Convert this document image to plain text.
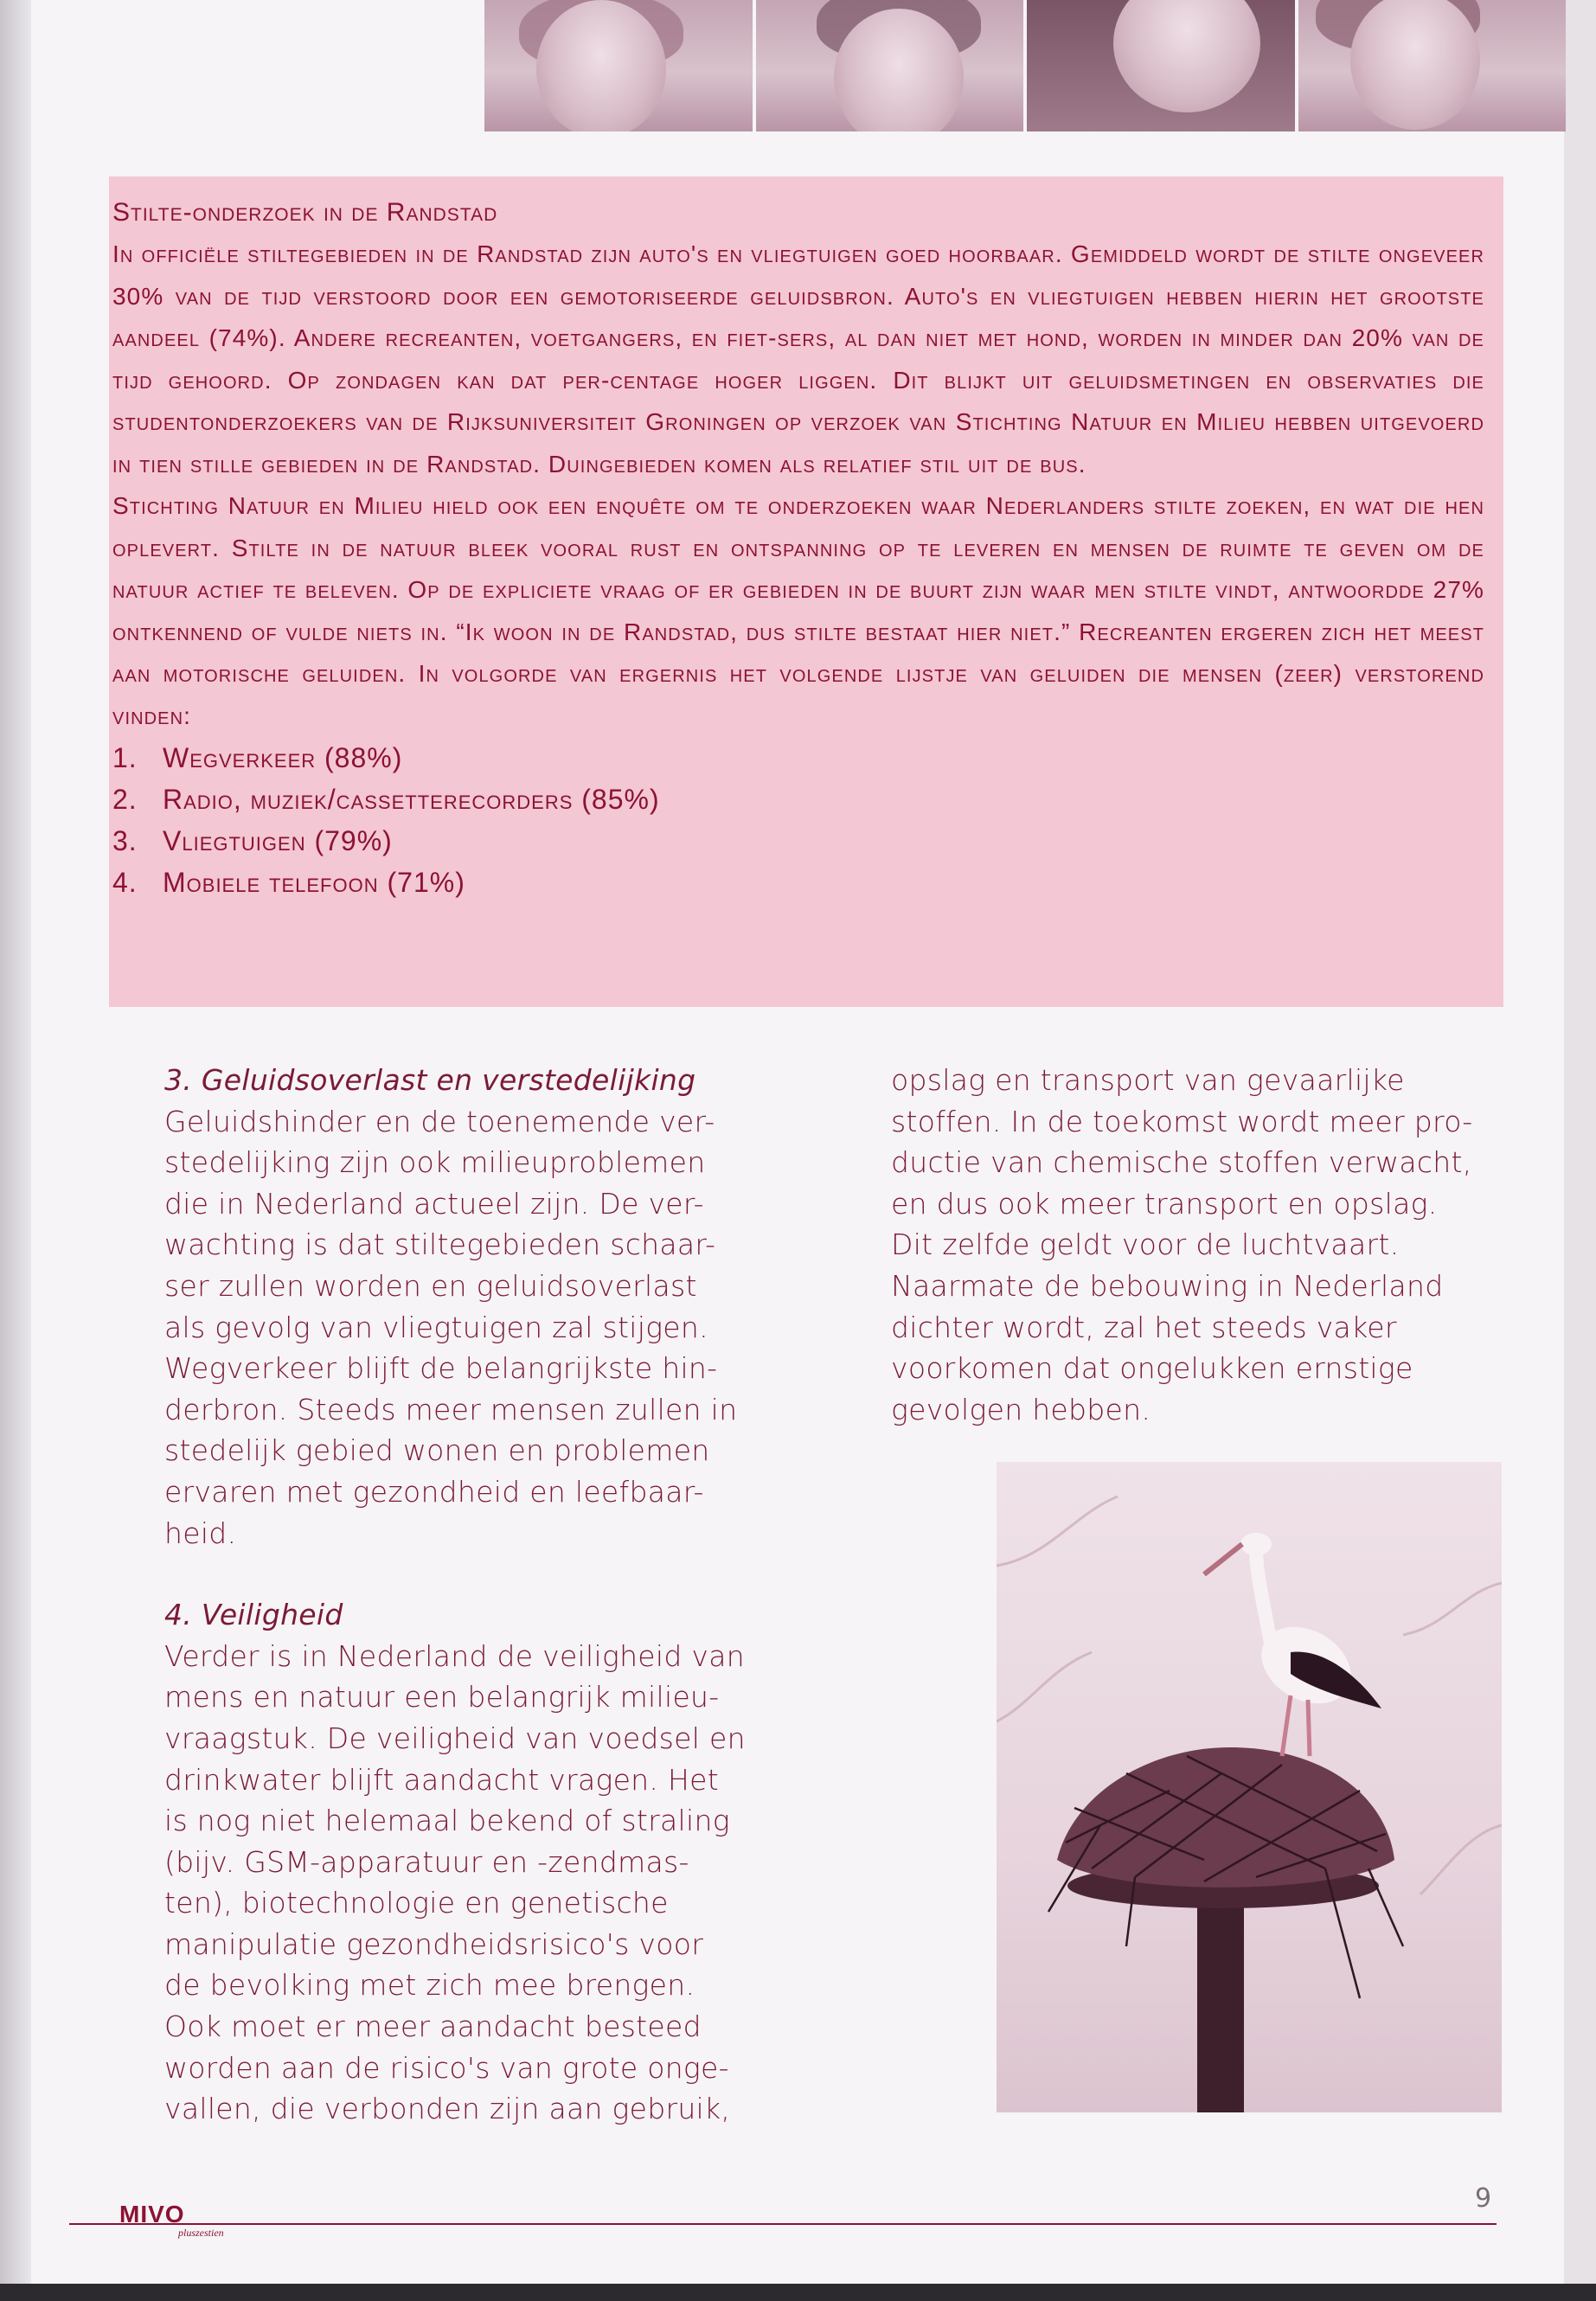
Stilte-onderzoek in de Randstad

In officiële stiltegebieden in de Randstad zijn auto's en vliegtuigen goed hoorbaar. Gemiddeld wordt de stilte ongeveer 30% van de tijd verstoord door een gemotoriseerde geluidsbron. Auto's en vliegtuigen hebben hierin het grootste aandeel (74%). Andere recreanten, voetgangers, en fiet-sers, al dan niet met hond, worden in minder dan 20% van de tijd gehoord. Op zondagen kan dat per-centage hoger liggen. Dit blijkt uit geluidsmetingen en observaties die studentonderzoekers van de Rijksuniversiteit Groningen op verzoek van Stichting Natuur en Milieu hebben uitgevoerd in tien stille gebieden in de Randstad. Duingebieden komen als relatief stil uit de bus.

Stichting Natuur en Milieu hield ook een enquête om te onderzoeken waar Nederlanders stilte zoeken, en wat die hen oplevert. Stilte in de natuur bleek vooral rust en ontspanning op te leveren en mensen de ruimte te geven om de natuur actief te beleven. Op de expliciete vraag of er gebieden in de buurt zijn waar men stilte vindt, antwoordde 27% ontkennend of vulde niets in. “Ik woon in de Randstad, dus stilte bestaat hier niet.” Recreanten ergeren zich het meest aan motorische geluiden. In volgorde van ergernis het volgende lijstje van geluiden die mensen (zeer) verstorend vinden:

1. Wegverkeer (88%)
2. Radio, muziek/cassetterecorders (85%)
3. Vliegtuigen (79%)
4. Mobiele telefoon (71%)

3. Geluidsoverlast en verstedelijking

Geluidshinder en de toenemende ver-

stedelijking zijn ook milieuproblemen

die in Nederland actueel zijn. De ver-

wachting is dat stiltegebieden schaar-

ser zullen worden en geluidsoverlast

als gevolg van vliegtuigen zal stijgen.

Wegverkeer blijft de belangrijkste hin-

derbron. Steeds meer mensen zullen in

stedelijk gebied wonen en problemen

ervaren met gezondheid en leefbaar-

heid.

4. Veiligheid

Verder is in Nederland de veiligheid van

mens en natuur een belangrijk milieu-

vraagstuk. De veiligheid van voedsel en

drinkwater blijft aandacht vragen. Het

is nog niet helemaal bekend of straling

(bijv. GSM-apparatuur en -zendmas-

ten), biotechnologie en genetische

manipulatie gezondheidsrisico's voor

de bevolking met zich mee brengen.

Ook moet er meer aandacht besteed

worden aan de risico's van grote onge-

vallen, die verbonden zijn aan gebruik,

opslag en transport van gevaarlijke

stoffen. In de toekomst wordt meer pro-

ductie van chemische stoffen verwacht,

en dus ook meer transport en opslag.

Dit zelfde geldt voor de luchtvaart.

Naarmate de bebouwing in Nederland

dichter wordt, zal het steeds vaker

voorkomen dat ongelukken ernstige

gevolgen hebben.

MIVO
pluszestien
9
